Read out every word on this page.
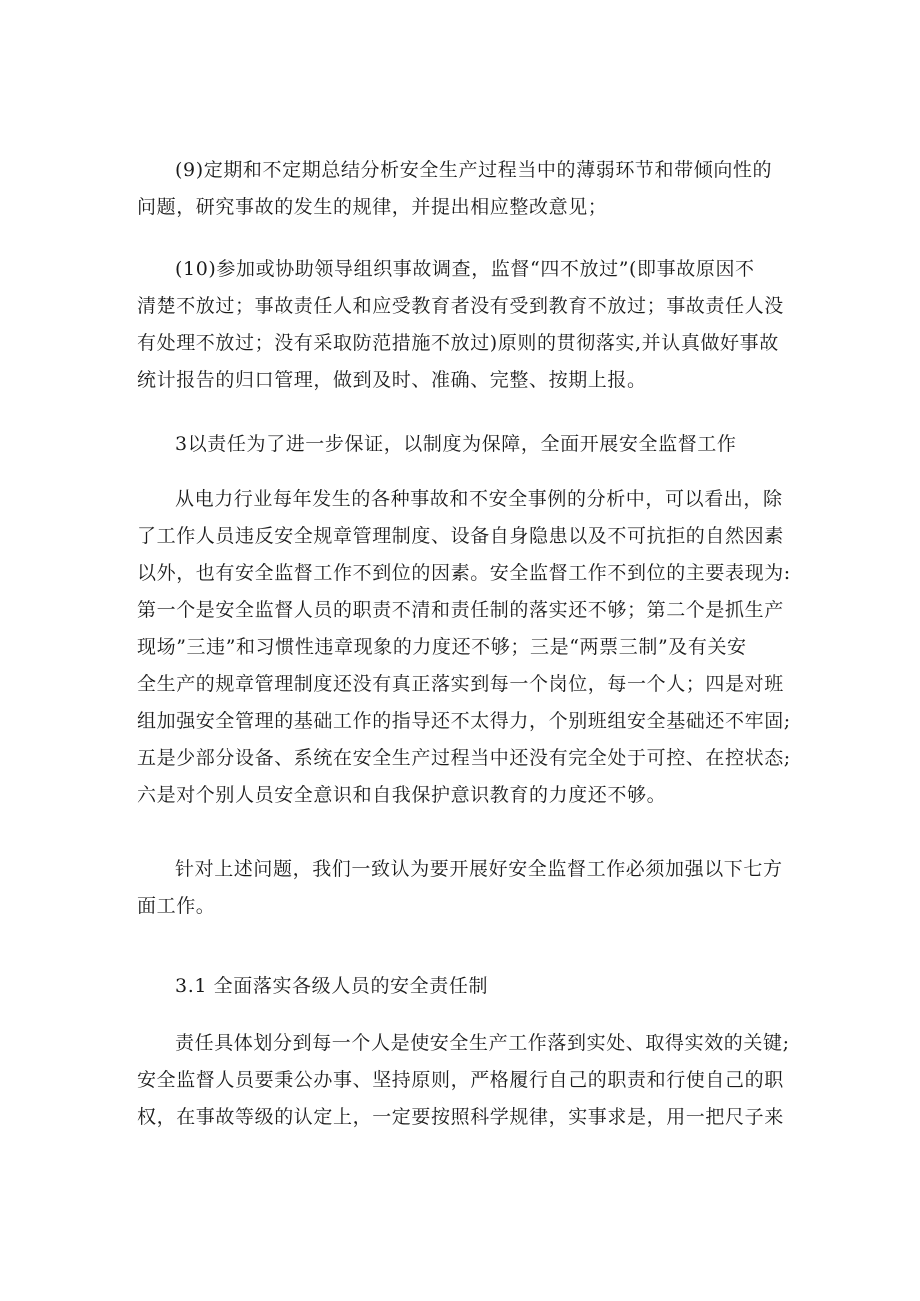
(9)定期和不定期总结分析安全生产过程当中的薄弱环节和带倾向性的
问题，研究事故的发生的规律，并提出相应整改意见；
(10)参加或协助领导组织事故调查，监督“四不放过”(即事故原因不
清楚不放过；事故责任人和应受教育者没有受到教育不放过；事故责任人没
有处理不放过；没有采取防范措施不放过)原则的贯彻落实,并认真做好事故
统计报告的归口管理，做到及时、准确、完整、按期上报。
3以责任为了进一步保证，以制度为保障，全面开展安全监督工作
从电力行业每年发生的各种事故和不安全事例的分析中，可以看出，除
了工作人员违反安全规章管理制度、设备自身隐患以及不可抗拒的自然因素
以外，也有安全监督工作不到位的因素。安全监督工作不到位的主要表现为:
第一个是安全监督人员的职责不清和责任制的落实还不够；第二个是抓生产
现场”三违”和习惯性违章现象的力度还不够；三是“两票三制”及有关安
全生产的规章管理制度还没有真正落实到每一个岗位，每一个人；四是对班
组加强安全管理的基础工作的指导还不太得力，个别班组安全基础还不牢固;
五是少部分设备、系统在安全生产过程当中还没有完全处于可控、在控状态;
六是对个别人员安全意识和自我保护意识教育的力度还不够。
针对上述问题，我们一致认为要开展好安全监督工作必须加强以下七方
面工作。
3.1 全面落实各级人员的安全责任制
责任具体划分到每一个人是使安全生产工作落到实处、取得实效的关键;
安全监督人员要秉公办事、坚持原则，严格履行自己的职责和行使自己的职
权，在事故等级的认定上，一定要按照科学规律，实事求是，用一把尺子来
